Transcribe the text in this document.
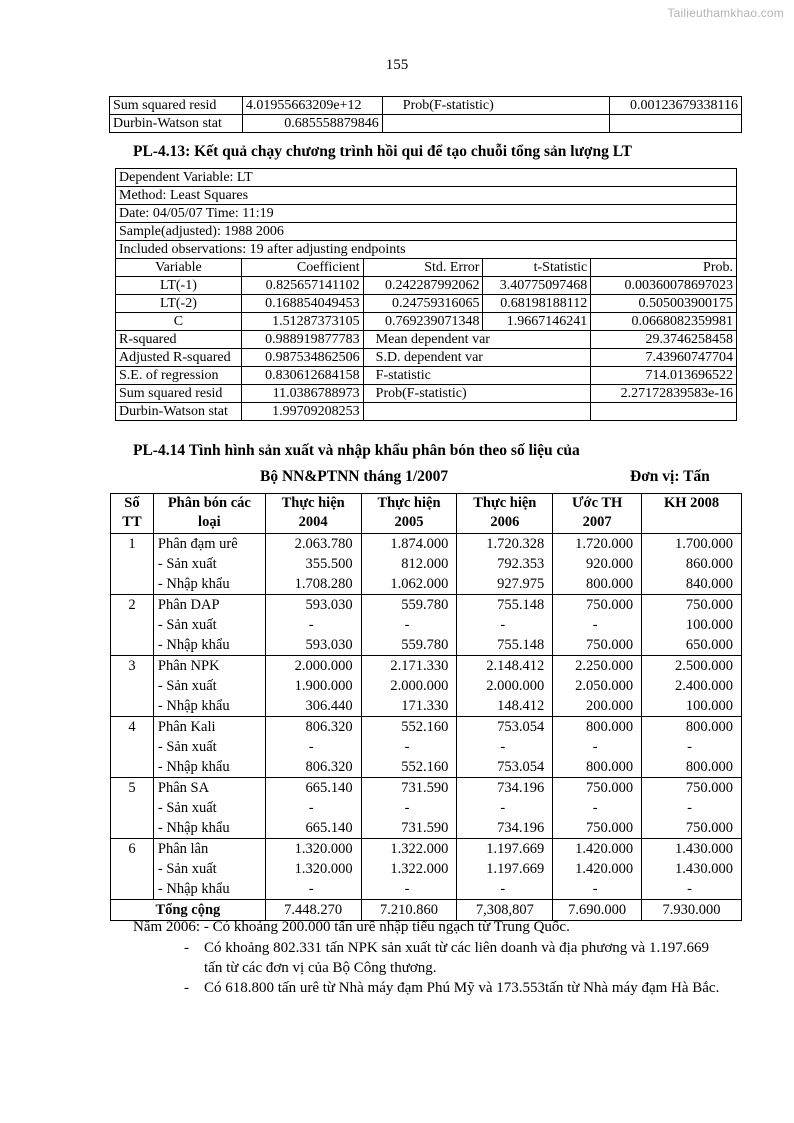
Tailieuthamkhao.com
155
Sum squared resid	4.01955663209e+12	Prob(F-statistic)	0.00123679338116
Durbin-Watson stat	0.685558879846		
PL-4.13: Kết quả chạy chương trình hồi qui để tạo chuỗi tổng sản lượng LT
Dependent Variable: LT				
Method: Least Squares				
Date: 04/05/07 Time: 11:19				
Sample(adjusted): 1988 2006				
Included observations: 19 after adjusting endpoints				
Variable	Coefficient	Std. Error	t-Statistic	Prob.
LT(-1)	0.825657141102	0.242287992062	3.40775097468	0.00360078697023
LT(-2)	0.168854049453	0.24759316065	0.68198188112	0.505003900175
C	1.51287373105	0.769239071348	1.9667146241	0.0668082359981
R-squared	0.988919877783	Mean dependent var		29.3746258458
Adjusted R-squared	0.987534862506	S.D. dependent var		7.43960747704
S.E. of regression	0.830612684158	F-statistic		714.013696522
Sum squared resid	11.0386788973	Prob(F-statistic)		2.27172839583e-16
Durbin-Watson stat	1.99709208253			
PL-4.14 Tình hình sản xuất và nhập khẩu phân bón theo số liệu của
Bộ NN&PTNN tháng 1/2007	Đơn vị: Tấn
Số TT	Phân bón các loại	Thực hiện 2004	Thực hiện 2005	Thực hiện 2006	Ước TH 2007	KH 2008
1	Phân đạm urê	2.063.780	1.874.000	1.720.328	1.720.000	1.700.000
	- Sản xuất	355.500	812.000	792.353	920.000	860.000
	- Nhập khẩu	1.708.280	1.062.000	927.975	800.000	840.000
2	Phân DAP	593.030	559.780	755.148	750.000	750.000
	- Sản xuất	-	-	-	-	100.000
	- Nhập khẩu	593.030	559.780	755.148	750.000	650.000
3	Phân NPK	2.000.000	2.171.330	2.148.412	2.250.000	2.500.000
	- Sản xuất	1.900.000	2.000.000	2.000.000	2.050.000	2.400.000
	- Nhập khẩu	306.440	171.330	148.412	200.000	100.000
4	Phân Kali	806.320	552.160	753.054	800.000	800.000
	- Sản xuất	-	-	-	-	-
	- Nhập khẩu	806.320	552.160	753.054	800.000	800.000
5	Phân SA	665.140	731.590	734.196	750.000	750.000
	- Sản xuất	-	-	-	-	-
	- Nhập khẩu	665.140	731.590	734.196	750.000	750.000
6	Phân lân	1.320.000	1.322.000	1.197.669	1.420.000	1.430.000
	- Sản xuất	1.320.000	1.322.000	1.197.669	1.420.000	1.430.000
	- Nhập khẩu	-	-	-	-	-
Tổng cộng		7.448.270	7.210.860	7,308,807	7.690.000	7.930.000
Năm 2006: - Có khoảng 200.000 tấn urê nhập tiểu ngạch từ Trung Quốc.
- Có khoảng 802.331 tấn NPK sản xuất từ các liên doanh và địa phương và 1.197.669 tấn từ các đơn vị của Bộ Công thương.
- Có 618.800 tấn urê từ Nhà máy đạm Phú Mỹ và 173.553tấn từ Nhà máy đạm Hà Bắc.
